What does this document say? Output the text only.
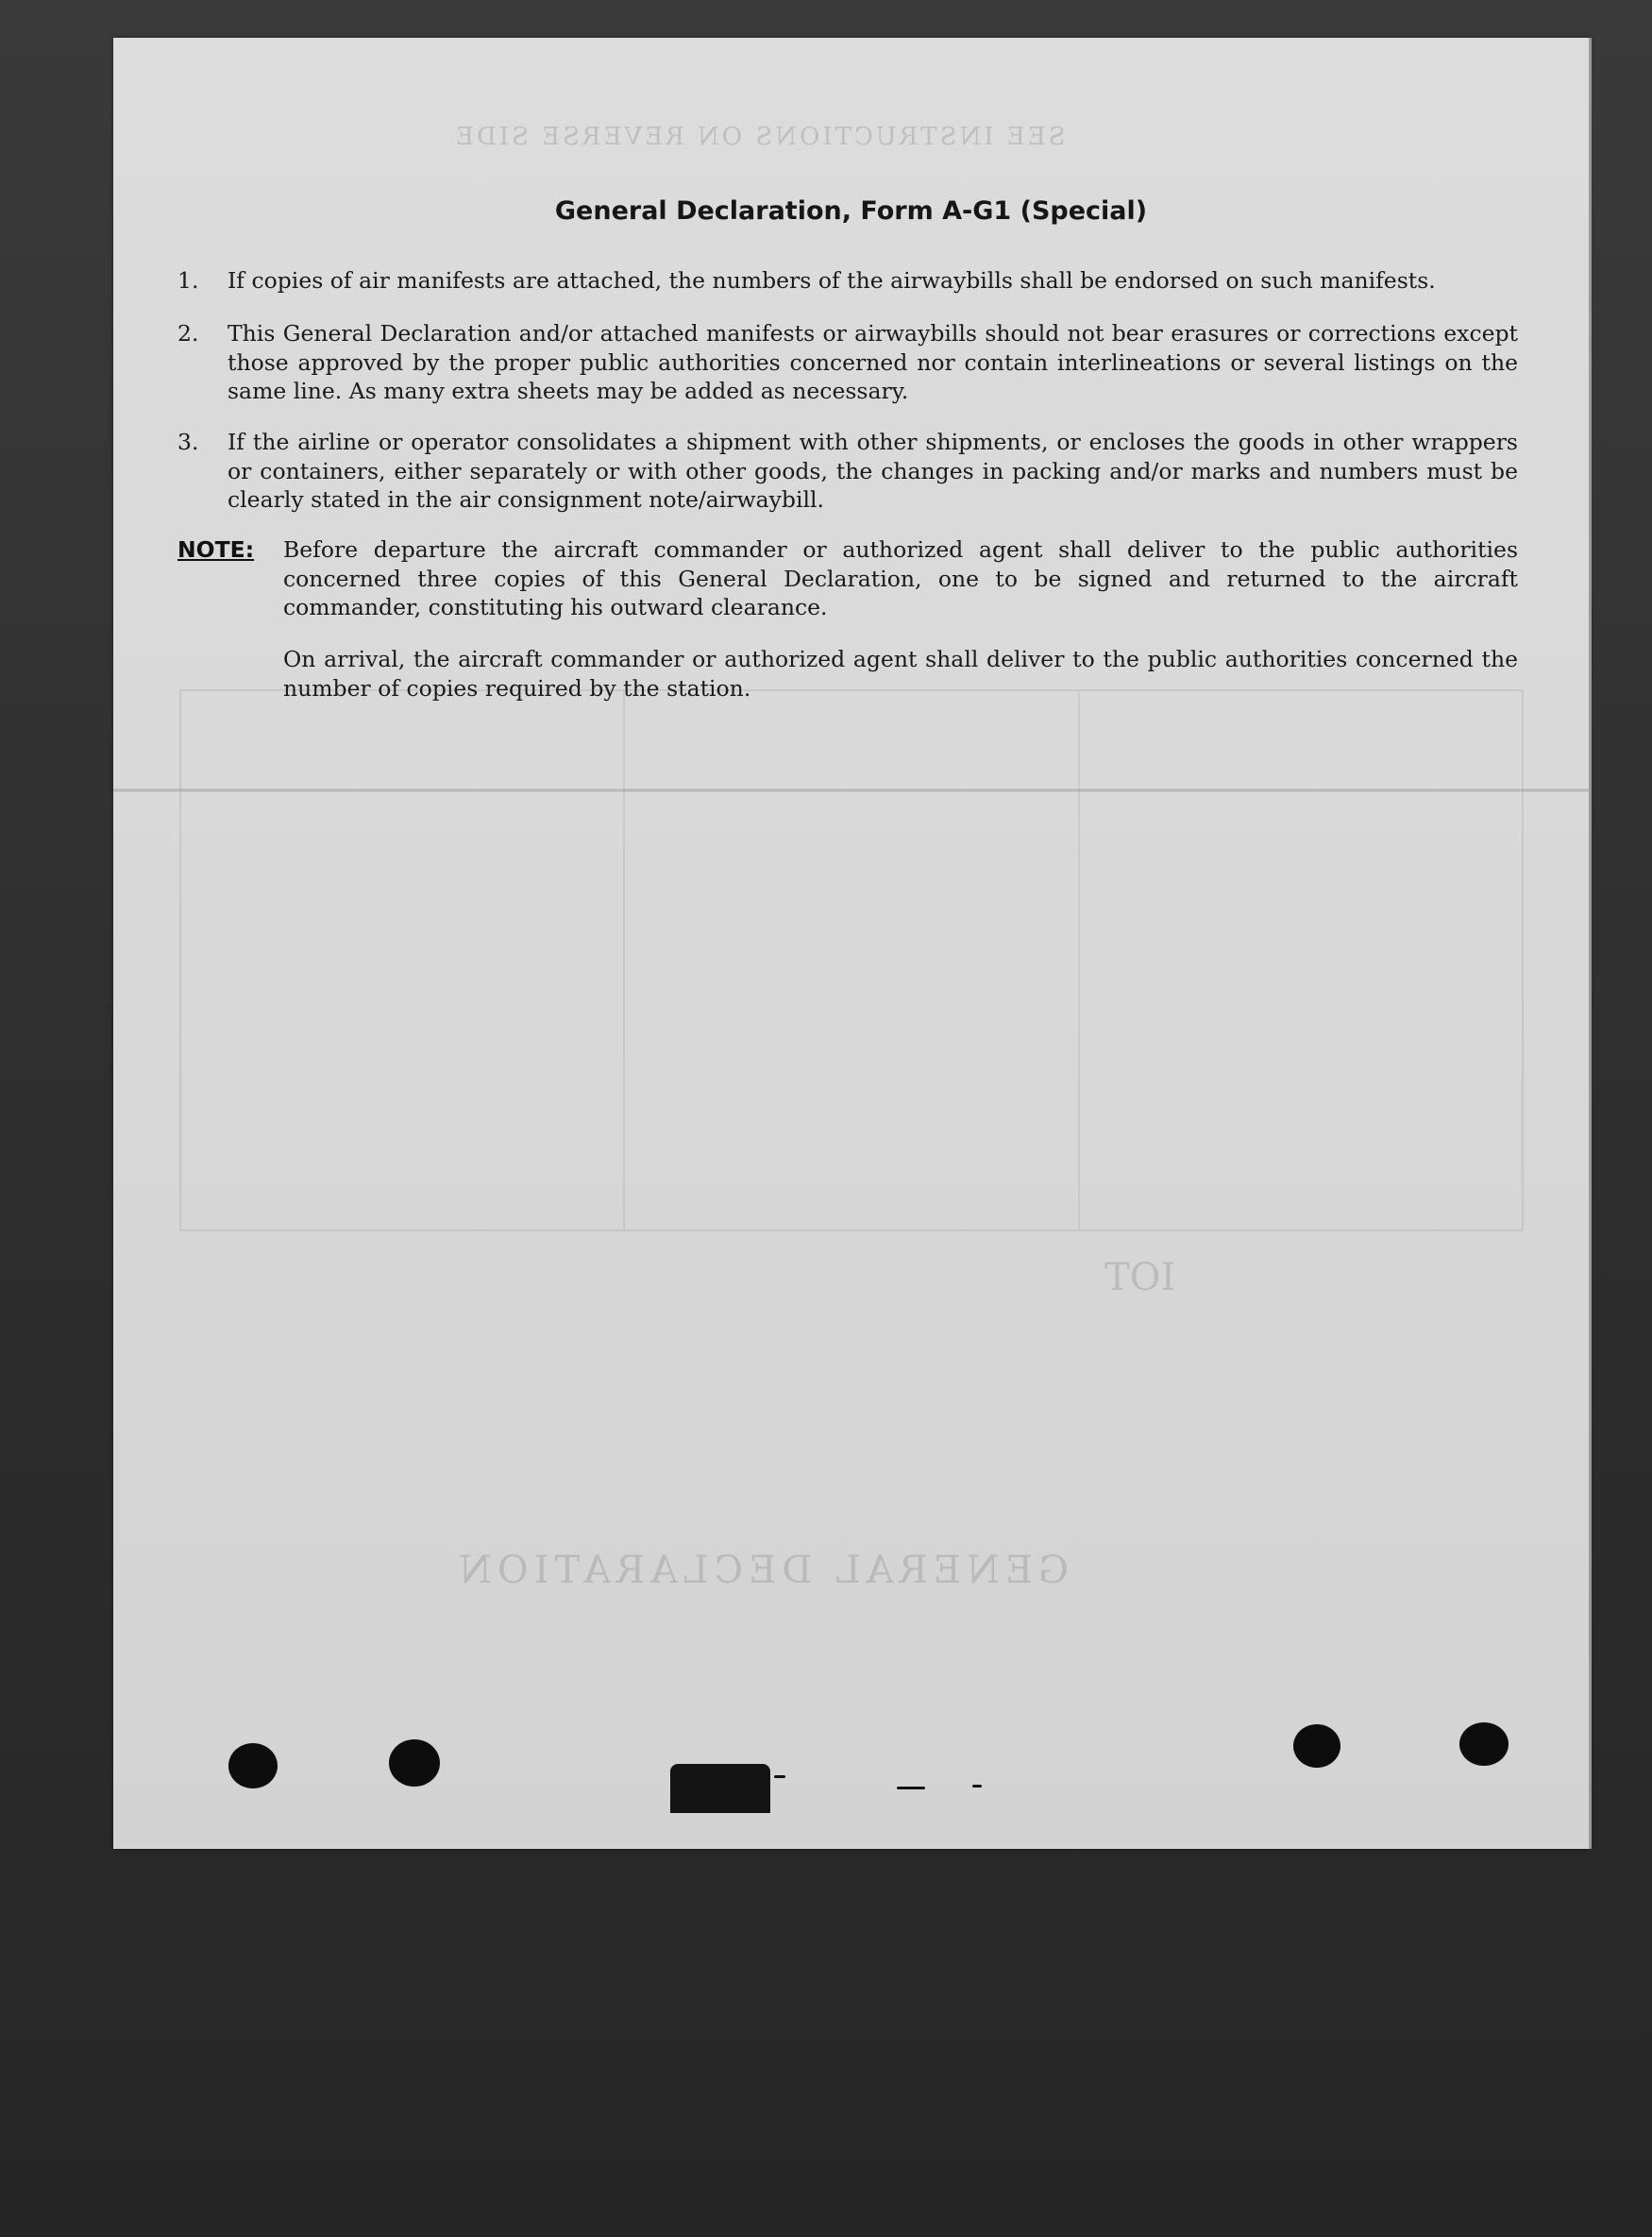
IOT
GENERAL DECLARATION
SEE INSTRUCTIONS ON REVERSE SIDE
General Declaration, Form A-G1 (Special)
1. If copies of air manifests are attached, the numbers of the airwaybills shall be endorsed on such manifests.
2. This General Declaration and/or attached manifests or airwaybills should not bear erasures or corrections except those approved by the proper public authorities concerned nor contain interlineations or several listings on the same line. As many extra sheets may be added as necessary.
3. If the airline or operator consolidates a shipment with other shipments, or encloses the goods in other wrappers or containers, either separately or with other goods, the changes in packing and/or marks and numbers must be clearly stated in the air consignment note/airwaybill.
NOTE: Before departure the aircraft commander or authorized agent shall deliver to the public authorities concerned three copies of this General Declaration, one to be signed and returned to the aircraft commander, constituting his outward clearance.
On arrival, the aircraft commander or authorized agent shall deliver to the public authorities concerned the number of copies required by the station.
